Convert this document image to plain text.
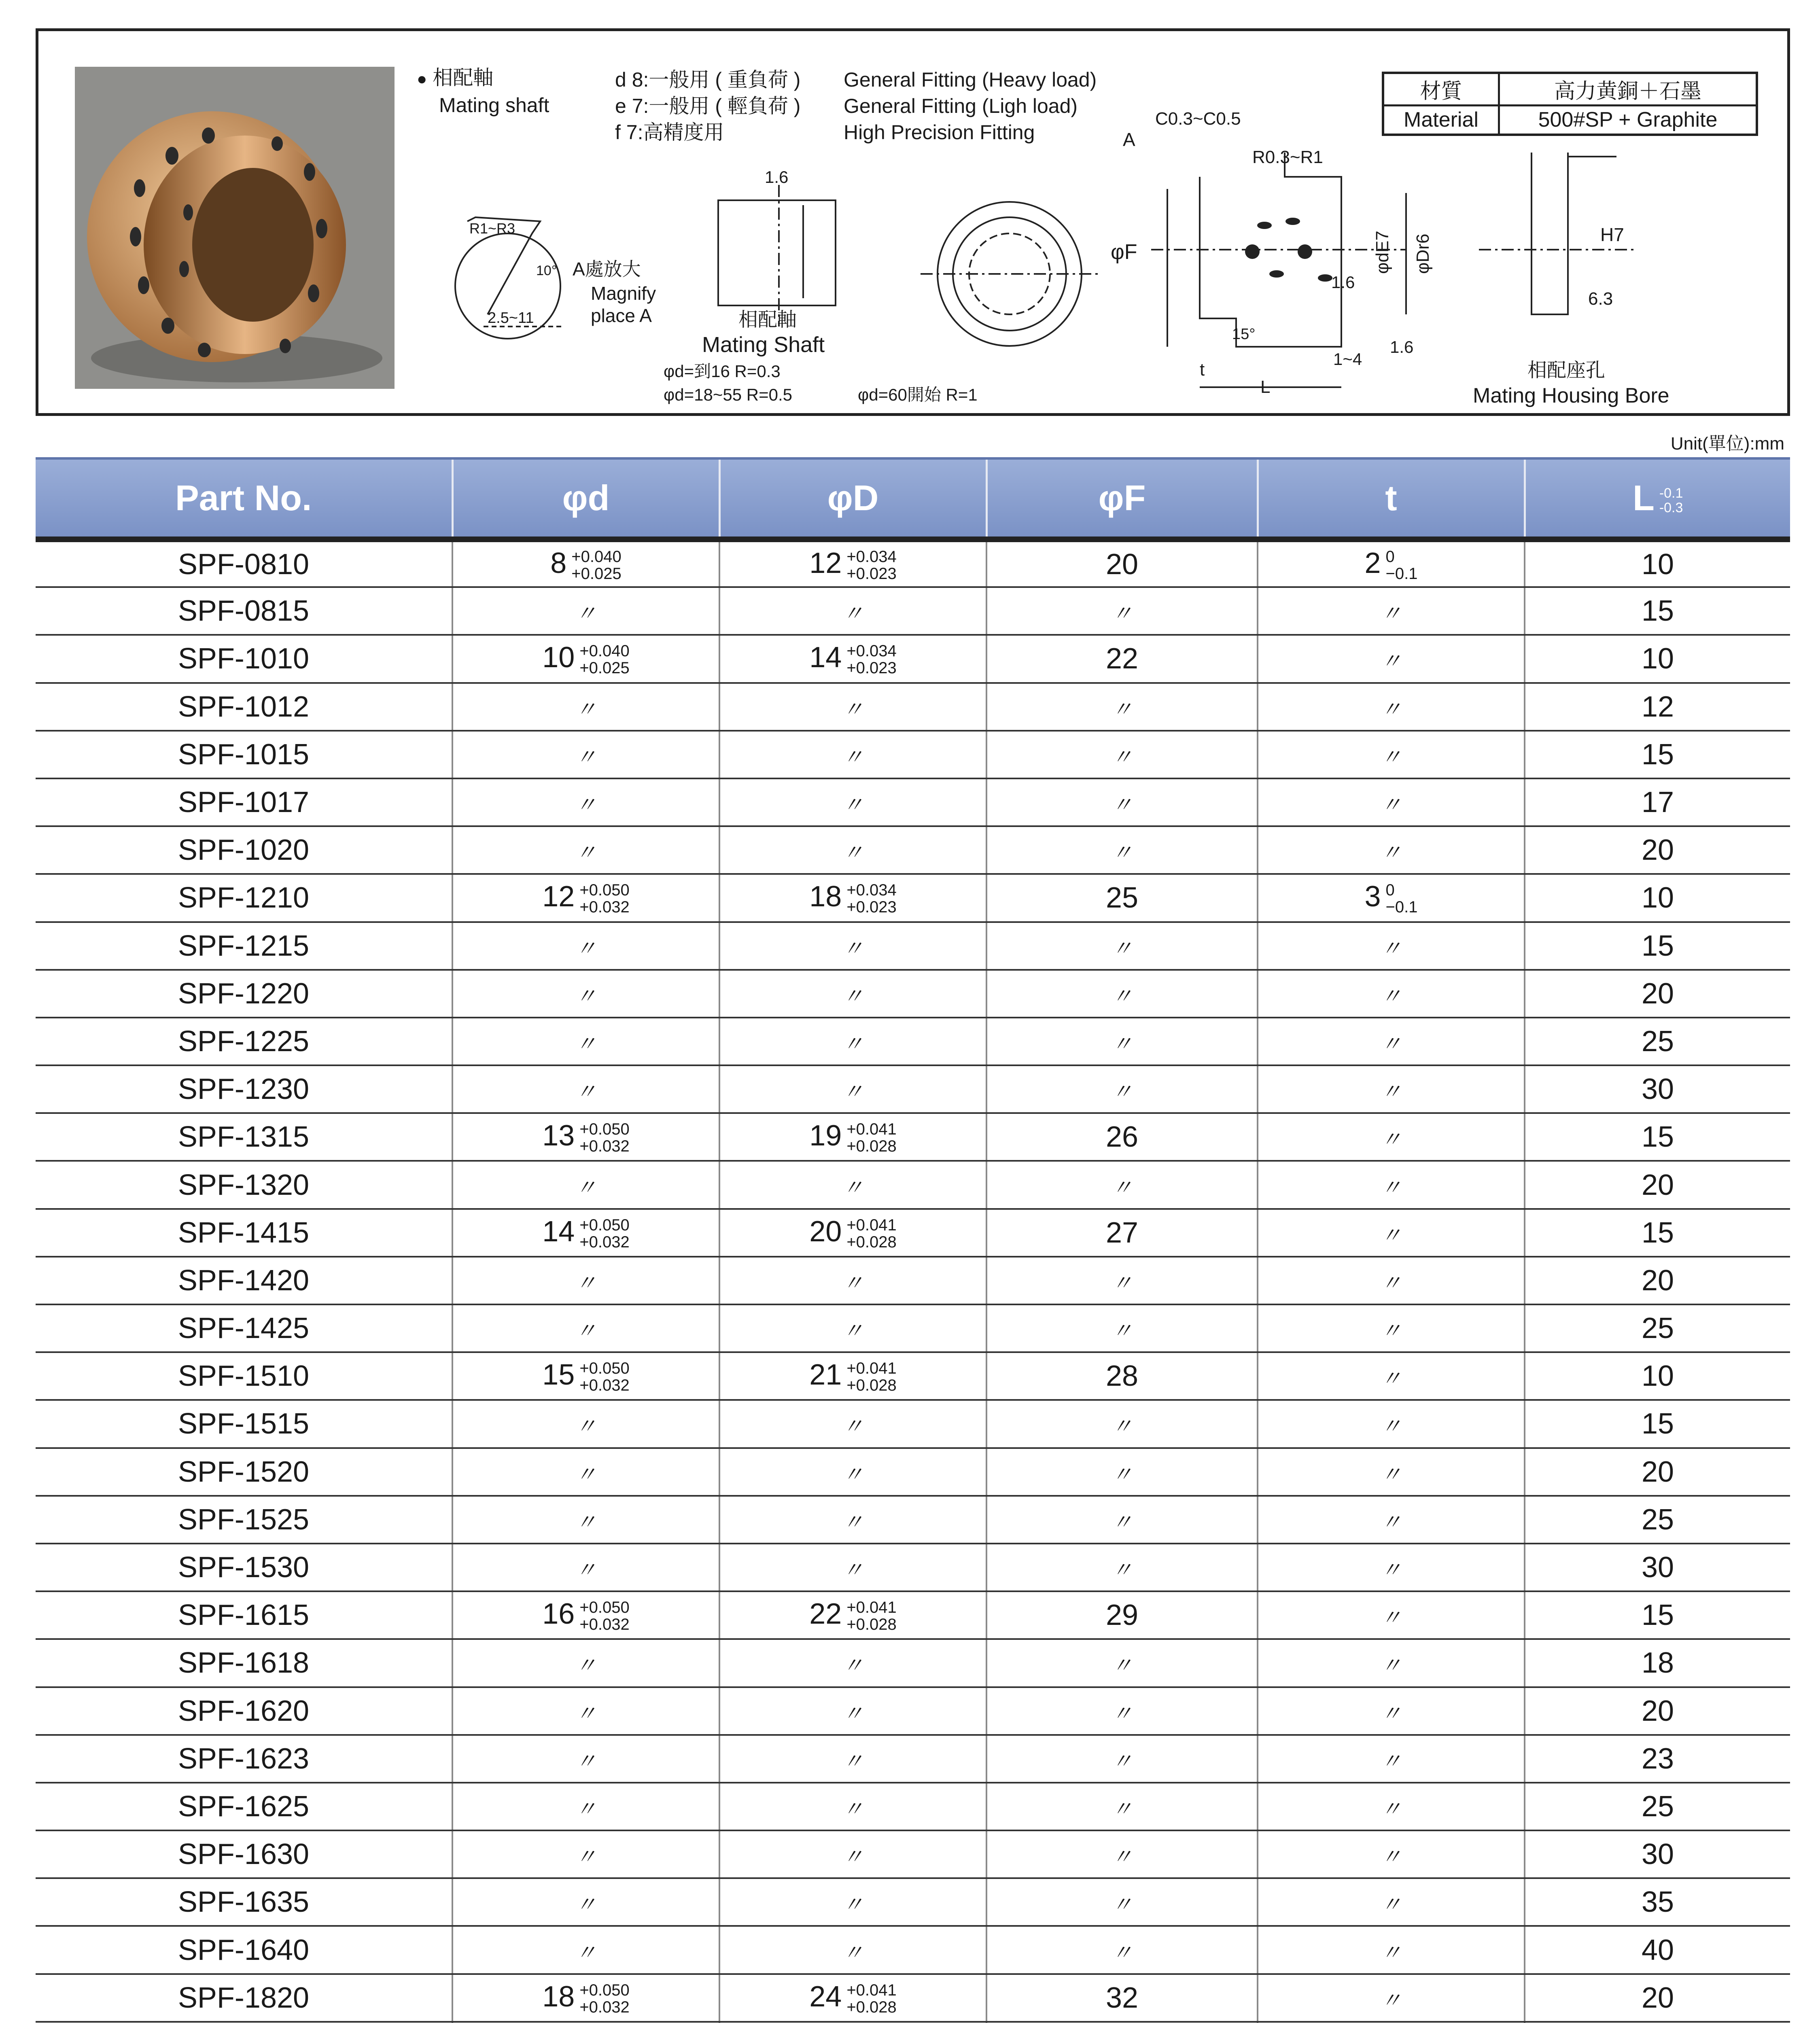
● 相配軸
Mating shaft
d 8:一般用 ( 重負荷 ) General Fitting (Heavy load)
e 7:一般用 ( 輕負荷 ) General Fitting (Ligh load)
f 7:高精度用	High Precision Fitting
材質	高力黄銅＋石墨
Material	500#SP + Graphite
R1~R3
10°
2.5~11
A處放大
Magnify
place A
1.6
相配軸
Mating Shaft
φd=到16 R=0.3
φd=18~55 R=0.5	φd=60開始 R=1
C0.3~C0.5
R0.3~R1
A
φF	φdE7 φDr6
1.6
1.6
15°
1~4
t
L
H7
6.3
相配座孔
Mating Housing Bore
Unit(單位):mm
Part No.	φd	φD	φF	t	L -0.1
-0.3

SPF-0810	8 +0.040
+0.025	12 +0.034
+0.023	20	2 0
−0.1	10
SPF-0815	〃	〃	〃	〃	15
SPF-1010	10 +0.040
+0.025	14 +0.034
+0.023	22	〃	10
SPF-1012	〃	〃	〃	〃	12
SPF-1015	〃	〃	〃	〃	15
SPF-1017	〃	〃	〃	〃	17
SPF-1020	〃	〃	〃	〃	20
SPF-1210	12 +0.050
+0.032	18 +0.034
+0.023	25	3 0
−0.1	10
SPF-1215	〃	〃	〃	〃	15
SPF-1220	〃	〃	〃	〃	20
SPF-1225	〃	〃	〃	〃	25
SPF-1230	〃	〃	〃	〃	30
SPF-1315	13 +0.050
+0.032	19 +0.041
+0.028	26	〃	15
SPF-1320	〃	〃	〃	〃	20
SPF-1415	14 +0.050
+0.032	20 +0.041
+0.028	27	〃	15
SPF-1420	〃	〃	〃	〃	20
SPF-1425	〃	〃	〃	〃	25
SPF-1510	15 +0.050
+0.032	21 +0.041
+0.028	28	〃	10
SPF-1515	〃	〃	〃	〃	15
SPF-1520	〃	〃	〃	〃	20
SPF-1525	〃	〃	〃	〃	25
SPF-1530	〃	〃	〃	〃	30
SPF-1615	16 +0.050
+0.032	22 +0.041
+0.028	29	〃	15
SPF-1618	〃	〃	〃	〃	18
SPF-1620	〃	〃	〃	〃	20
SPF-1623	〃	〃	〃	〃	23
SPF-1625	〃	〃	〃	〃	25
SPF-1630	〃	〃	〃	〃	30
SPF-1635	〃	〃	〃	〃	35
SPF-1640	〃	〃	〃	〃	40
SPF-1820	18 +0.050
+0.032	24 +0.041
+0.028	32	〃	20
